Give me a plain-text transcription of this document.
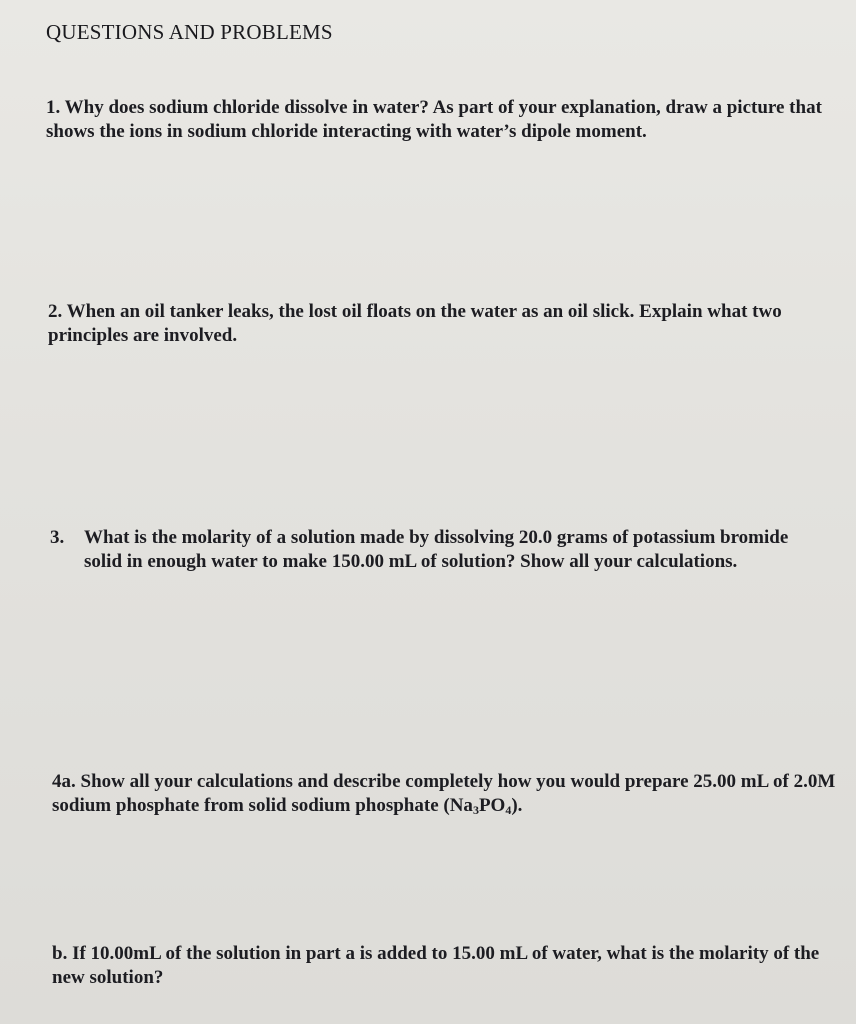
QUESTIONS AND PROBLEMS

1. Why does sodium chloride dissolve in water? As part of your explanation, draw a picture that shows the ions in sodium chloride interacting with water’s dipole moment.

2. When an oil tanker leaks, the lost oil floats on the water as an oil slick. Explain what two principles are involved.

3. What is the molarity of a solution made by dissolving 20.0 grams of potassium bromide solid in enough water to make 150.00 mL of solution? Show all your calculations.

4a. Show all your calculations and describe completely how you would prepare 25.00 mL of 2.0M sodium phosphate from solid sodium phosphate $(Na_3PO_4)$.

b. If 10.00mL of the solution in part a is added to 15.00 mL of water, what is the molarity of the new solution?
